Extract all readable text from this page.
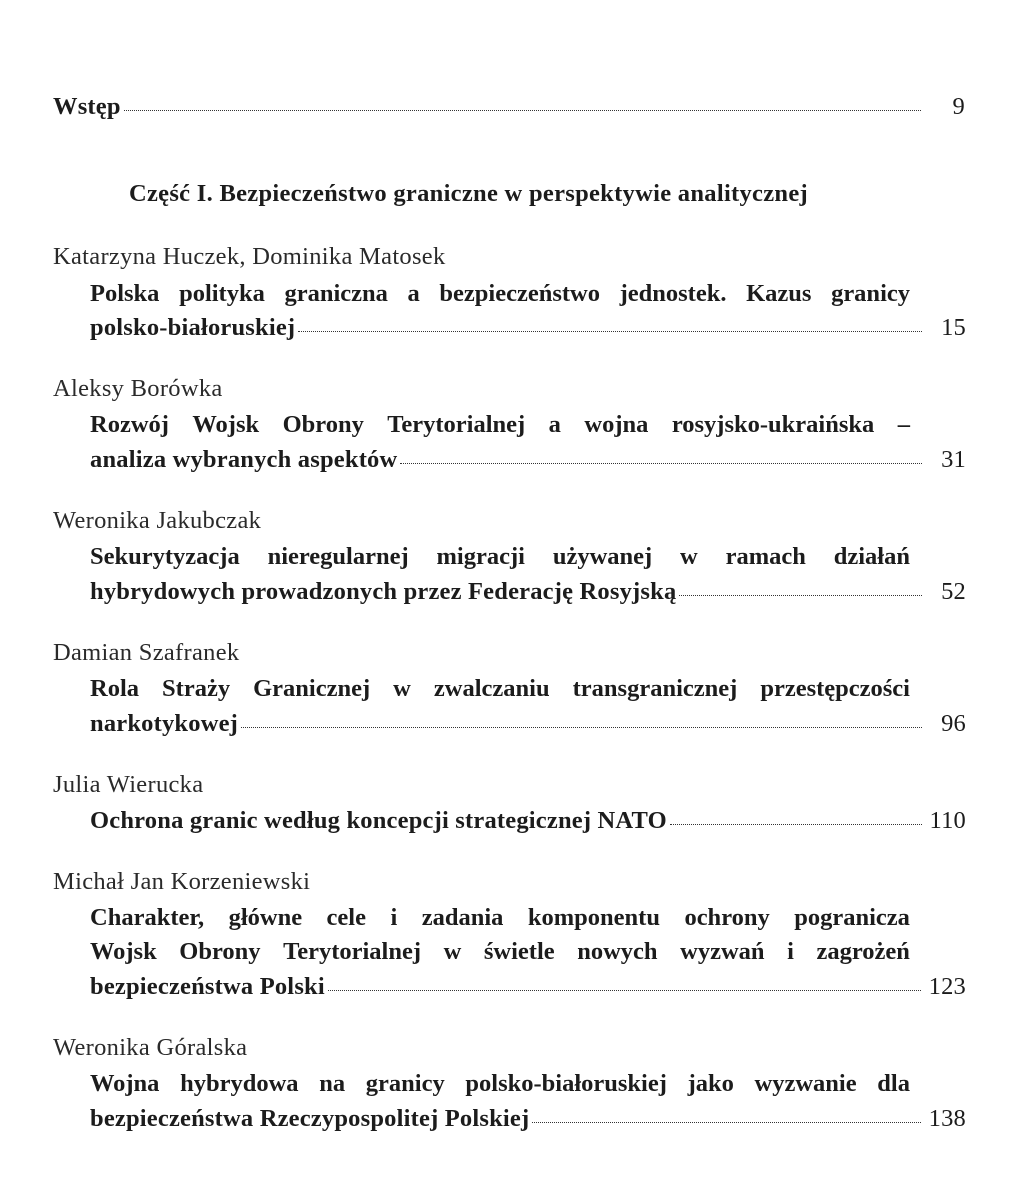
Wstęp	9
Część I. Bezpieczeństwo graniczne w perspektywie analitycznej
Katarzyna Huczek, Dominika Matosek
Polska polityka graniczna a bezpieczeństwo jednostek. Kazus granicy
polsko-białoruskiej	15
Aleksy Borówka
Rozwój Wojsk Obrony Terytorialnej a wojna rosyjsko-ukraińska –
analiza wybranych aspektów	31
Weronika Jakubczak
Sekurytyzacja nieregularnej migracji używanej w ramach działań
hybrydowych prowadzonych przez Federację Rosyjską	52
Damian Szafranek
Rola Straży Granicznej w zwalczaniu transgranicznej przestępczości
narkotykowej	96
Julia Wierucka
Ochrona granic według koncepcji strategicznej NATO	110
Michał Jan Korzeniewski
Charakter, główne cele i zadania komponentu ochrony pogranicza
Wojsk Obrony Terytorialnej w świetle nowych wyzwań i zagrożeń
bezpieczeństwa Polski	123
Weronika Góralska
Wojna hybrydowa na granicy polsko-białoruskiej jako wyzwanie dla
bezpieczeństwa Rzeczypospolitej Polskiej	138
